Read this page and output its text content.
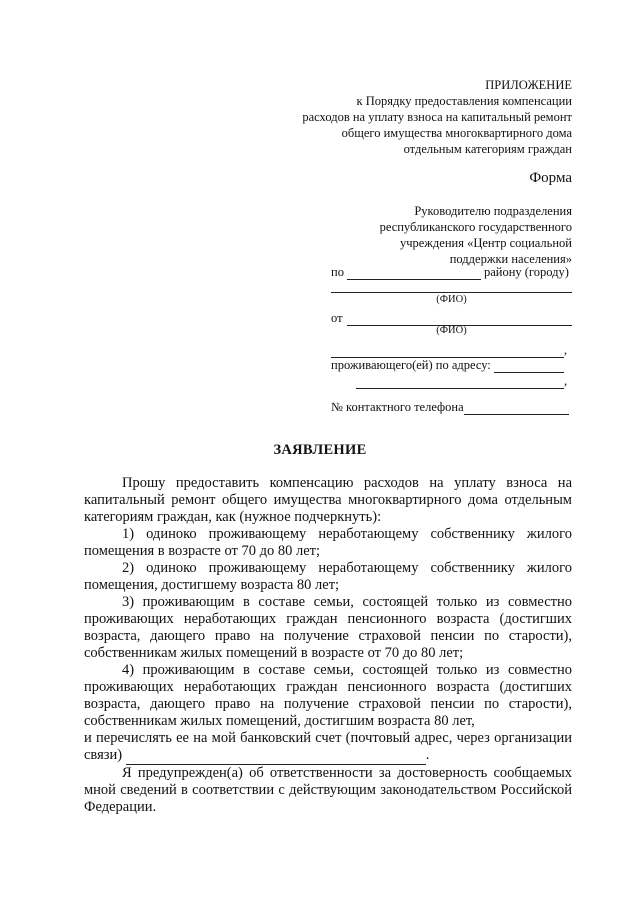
ПРИЛОЖЕНИЕ
к Порядку предоставления компенсации
расходов на уплату взноса на капитальный ремонт
общего имущества многоквартирного дома
отдельным категориям граждан
Форма
Руководителю подразделения
республиканского государственного
учреждения «Центр социальной
поддержки населения»
по	району (городу)
(ФИО)
от
(ФИО)
,
проживающего(ей) по адресу:
,
№ контактного телефона
ЗАЯВЛЕНИЕ

Прошу предоставить компенсацию расходов на уплату взноса на капитальный ремонт общего имущества многоквартирного дома отдельным категориям граждан, как (нужное подчеркнуть):

1) одиноко проживающему неработающему собственнику жилого помещения в возрасте от 70 до 80 лет;

2) одиноко проживающему неработающему собственнику жилого помещения, достигшему возраста 80 лет;

3) проживающим в составе семьи, состоящей только из совместно проживающих неработающих граждан пенсионного возраста (достигших возраста, дающего право на получение страховой пенсии по старости), собственникам жилых помещений в возрасте от 70 до 80 лет;

4) проживающим в составе семьи, состоящей только из совместно проживающих неработающих граждан пенсионного возраста (достигших возраста, дающего право на получение страховой пенсии по старости), собственникам жилых помещений, достигшим возраста 80 лет,

и перечислять ее на мой банковский счет (почтовый адрес, через организации связи)	.

Я предупрежден(а) об ответственности за достоверность сообщаемых мной сведений в соответствии с действующим законодательством Российской Федерации.
